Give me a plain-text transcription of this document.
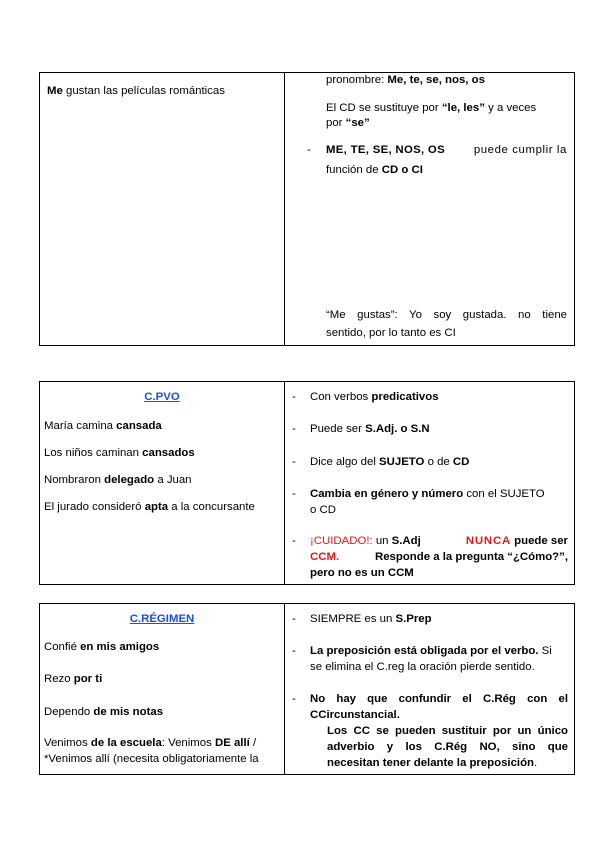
Me gustan las películas románticas

pronombre: Me, te, se, nos, os

El CD se sustituye por “le, les” y a veces

por “se”

- ME, TE, SE, NOS, OS	puede cumplir la

función de CD o CI

“Me gustas”: Yo soy gustada. no tiene

sentido, por lo tanto es CI

C.PVO

María camina cansada

Los niños caminan cansados

Nombraron delegado a Juan

El jurado consideró apta a la concursante

- Con verbos predicativos

- Puede ser S.Adj. o S.N

- Dice algo del SUJETO o de CD

- Cambia en género y número con el SUJETO

o CD

- ¡CUIDADO!: un S.Adj	NUNCA puede ser

CCM.	Responde a la pregunta “¿Cómo?”,

pero no es un CCM

C.RÉGIMEN

Confié en mis amigos

Rezo por ti

Dependo de mis notas

Venimos de la escuela: Venimos DE allí /

*Venimos allí (necesita obligatoriamente la

- SIEMPRE es un S.Prep

- La preposición está obligada por el verbo. Si

se elimina el C.reg la oración pierde sentido.

- No hay que confundir el C.Rég con el

CCircunstancial.

Los CC se pueden sustituir por un único

adverbio y los C.Rég NO, sino que

necesitan tener delante la preposición.
